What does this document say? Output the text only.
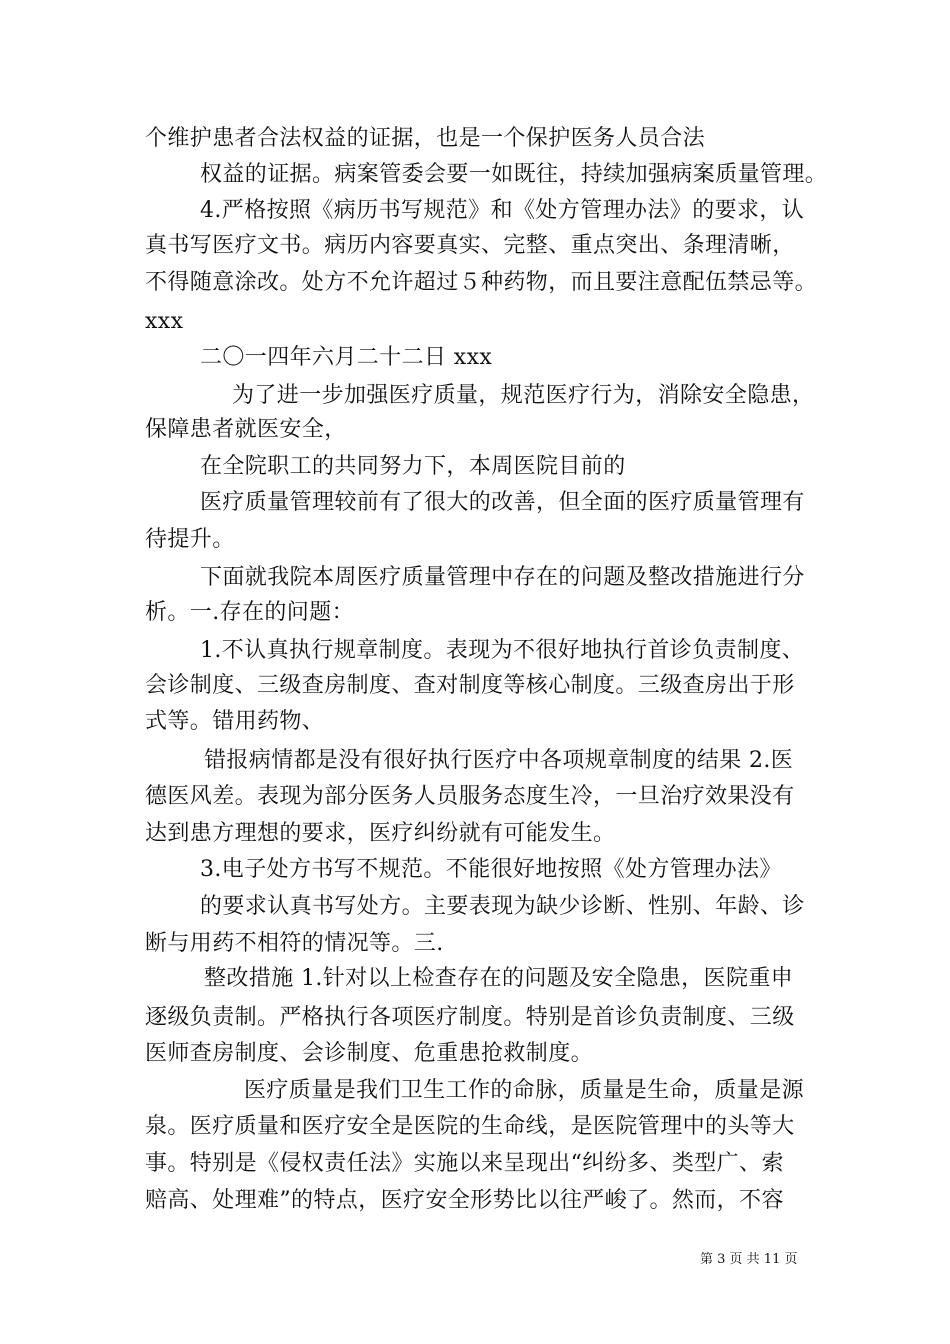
个维护患者合法权益的证据，也是一个保护医务人员合法
权益的证据。病案管委会要一如既往，持续加强病案质量管理。
4.严格按照《病历书写规范》和《处方管理办法》的要求，认
真书写医疗文书。病历内容要真实、完整、重点突出、条理清晰，
不得随意涂改。处方不允许超过５种药物，而且要注意配伍禁忌等。
xxx
二〇一四年六月二十二日 xxx
为了进一步加强医疗质量，规范医疗行为，消除安全隐患，
保障患者就医安全，
在全院职工的共同努力下，本周医院目前的
医疗质量管理较前有了很大的改善，但全面的医疗质量管理有
待提升。
下面就我院本周医疗质量管理中存在的问题及整改措施进行分
析。一.存在的问题：
1.不认真执行规章制度。表现为不很好地执行首诊负责制度、
会诊制度、三级查房制度、查对制度等核心制度。三级查房出于形
式等。错用药物、
错报病情都是没有很好执行医疗中各项规章制度的结果 2.医
德医风差。表现为部分医务人员服务态度生冷，一旦治疗效果没有
达到患方理想的要求，医疗纠纷就有可能发生。
3.电子处方书写不规范。不能很好地按照《处方管理办法》
的要求认真书写处方。主要表现为缺少诊断、性别、年龄、诊
断与用药不相符的情况等。三.
整改措施 1.针对以上检查存在的问题及安全隐患，医院重申
逐级负责制。严格执行各项医疗制度。特别是首诊负责制度、三级
医师查房制度、会诊制度、危重患抢救制度。
医疗质量是我们卫生工作的命脉，质量是生命，质量是源
泉。医疗质量和医疗安全是医院的生命线，是医院管理中的头等大
事。特别是《侵权责任法》实施以来呈现出“纠纷多、类型广、索
赔高、处理难”的特点，医疗安全形势比以往严峻了。然而，不容
第 3 页 共 11 页
